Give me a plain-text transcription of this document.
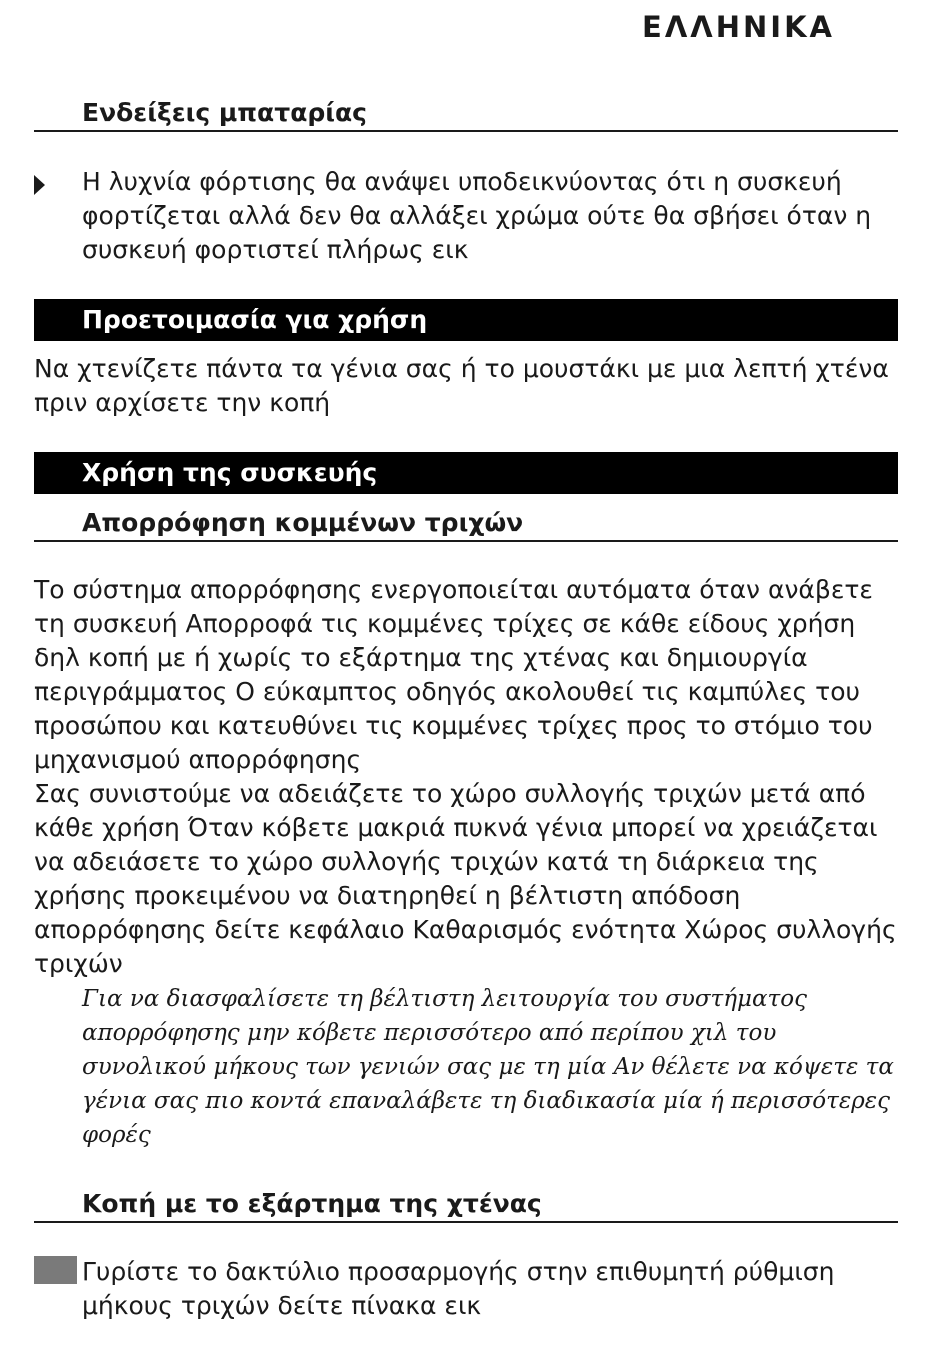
ΕΛΛΗΝΙΚΑ
Ενδείξεις μπαταρίας
Η λυχνία φόρτισης θα ανάψει υποδεικνύοντας ότι η συσκευή φορτίζεται αλλά δεν θα αλλάξει χρώμα ούτε θα σβήσει όταν η συσκευή φορτιστεί πλήρως εικ
Προετοιμασία για χρήση
Να χτενίζετε πάντα τα γένια σας ή το μουστάκι με μια λεπτή χτένα πριν αρχίσετε την κοπή
Χρήση της συσκευής
Απορρόφηση κομμένων τριχών
Το σύστημα απορρόφησης ενεργοποιείται αυτόματα όταν ανάβετε τη συσκευή Απορροφά τις κομμένες τρίχες σε κάθε είδους χρήση δηλ κοπή με ή χωρίς το εξάρτημα της χτένας και δημιουργία περιγράμματος Ο εύκαμπτος οδηγός ακολουθεί τις καμπύλες του προσώπου και κατευθύνει τις κομμένες τρίχες προς το στόμιο του μηχανισμού απορρόφησης
Σας συνιστούμε να αδειάζετε το χώρο συλλογής τριχών μετά από κάθε χρήση Όταν κόβετε μακριά πυκνά γένια μπορεί να χρειάζεται να αδειάσετε το χώρο συλλογής τριχών κατά τη διάρκεια της χρήσης προκειμένου να διατηρηθεί η βέλτιστη απόδοση απορρόφησης δείτε κεφάλαιο Καθαρισμός ενότητα Χώρος συλλογής τριχών
Για να διασφαλίσετε τη βέλτιστη λειτουργία του συστήματος απορρόφησης μην κόβετε περισσότερο από περίπου χιλ του συνολικού μήκους των γενιών σας με τη μία Αν θέλετε να κόψετε τα γένια σας πιο κοντά επαναλάβετε τη διαδικασία μία ή περισσότερες φορές
Κοπή με το εξάρτημα της χτένας
Γυρίστε το δακτύλιο προσαρμογής στην επιθυμητή ρύθμιση μήκους τριχών δείτε πίνακα εικ
